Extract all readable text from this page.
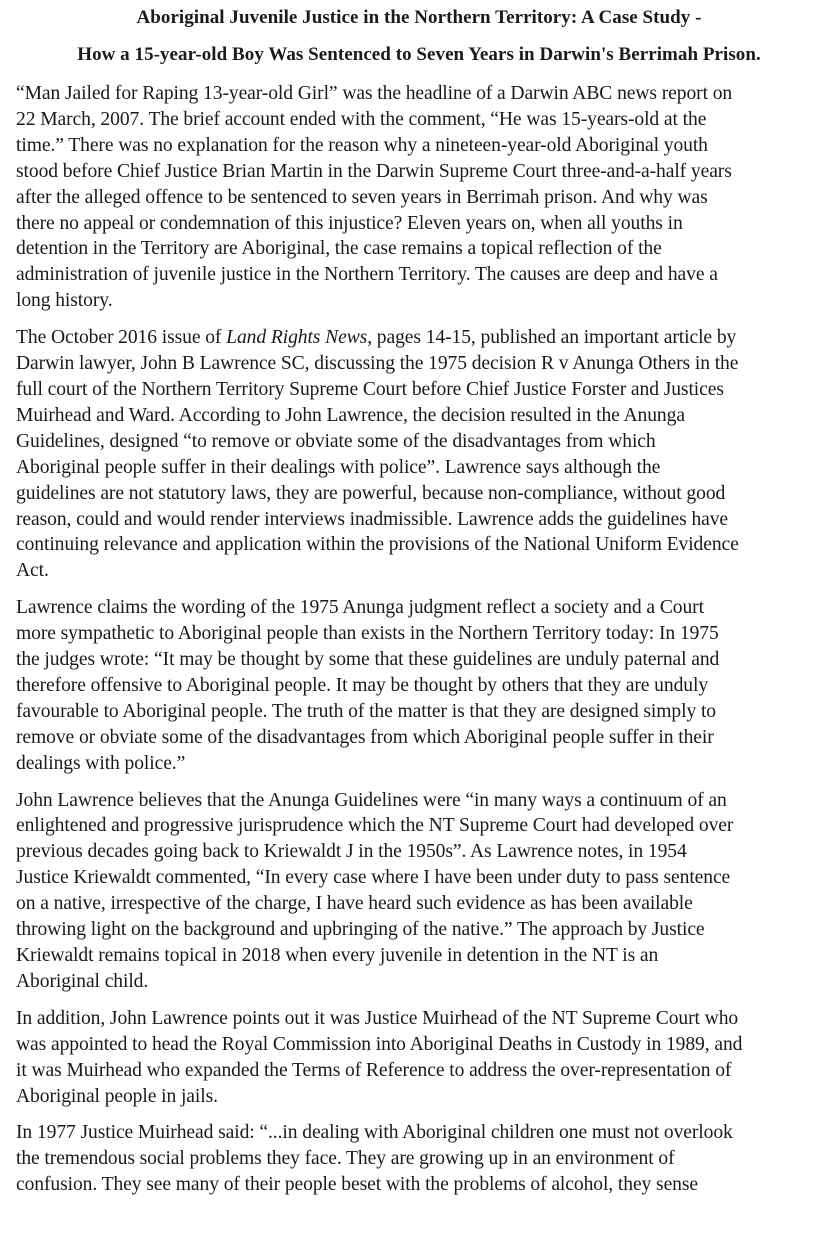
Aboriginal Juvenile Justice in the Northern Territory: A Case Study -
How a 15-year-old Boy Was Sentenced to Seven Years in Darwin's Berrimah Prison.

“Man Jailed for Raping 13-year-old Girl” was the headline of a Darwin ABC news report on
22 March, 2007. The brief account ended with the comment, “He was 15-years-old at the
time.” There was no explanation for the reason why a nineteen-year-old Aboriginal youth
stood before Chief Justice Brian Martin in the Darwin Supreme Court three-and-a-half years
after the alleged offence to be sentenced to seven years in Berrimah prison. And why was
there no appeal or condemnation of this injustice? Eleven years on, when all youths in
detention in the Territory are Aboriginal, the case remains a topical reflection of the
administration of juvenile justice in the Northern Territory. The causes are deep and have a
long history.

The October 2016 issue of Land Rights News, pages 14-15, published an important article by
Darwin lawyer, John B Lawrence SC, discussing the 1975 decision R v Anunga Others in the
full court of the Northern Territory Supreme Court before Chief Justice Forster and Justices
Muirhead and Ward. According to John Lawrence, the decision resulted in the Anunga
Guidelines, designed “to remove or obviate some of the disadvantages from which
Aboriginal people suffer in their dealings with police”. Lawrence says although the
guidelines are not statutory laws, they are powerful, because non-compliance, without good
reason, could and would render interviews inadmissible. Lawrence adds the guidelines have
continuing relevance and application within the provisions of the National Uniform Evidence
Act.

Lawrence claims the wording of the 1975 Anunga judgment reflect a society and a Court
more sympathetic to Aboriginal people than exists in the Northern Territory today: In 1975
the judges wrote: “It may be thought by some that these guidelines are unduly paternal and
therefore offensive to Aboriginal people. It may be thought by others that they are unduly
favourable to Aboriginal people. The truth of the matter is that they are designed simply to
remove or obviate some of the disadvantages from which Aboriginal people suffer in their
dealings with police.”

John Lawrence believes that the Anunga Guidelines were “in many ways a continuum of an
enlightened and progressive jurisprudence which the NT Supreme Court had developed over
previous decades going back to Kriewaldt J in the 1950s”. As Lawrence notes, in 1954
Justice Kriewaldt commented, “In every case where I have been under duty to pass sentence
on a native, irrespective of the charge, I have heard such evidence as has been available
throwing light on the background and upbringing of the native.” The approach by Justice
Kriewaldt remains topical in 2018 when every juvenile in detention in the NT is an
Aboriginal child.

In addition, John Lawrence points out it was Justice Muirhead of the NT Supreme Court who
was appointed to head the Royal Commission into Aboriginal Deaths in Custody in 1989, and
it was Muirhead who expanded the Terms of Reference to address the over-representation of
Aboriginal people in jails.

In 1977 Justice Muirhead said: “...in dealing with Aboriginal children one must not overlook
the tremendous social problems they face. They are growing up in an environment of
confusion. They see many of their people beset with the problems of alcohol, they sense
